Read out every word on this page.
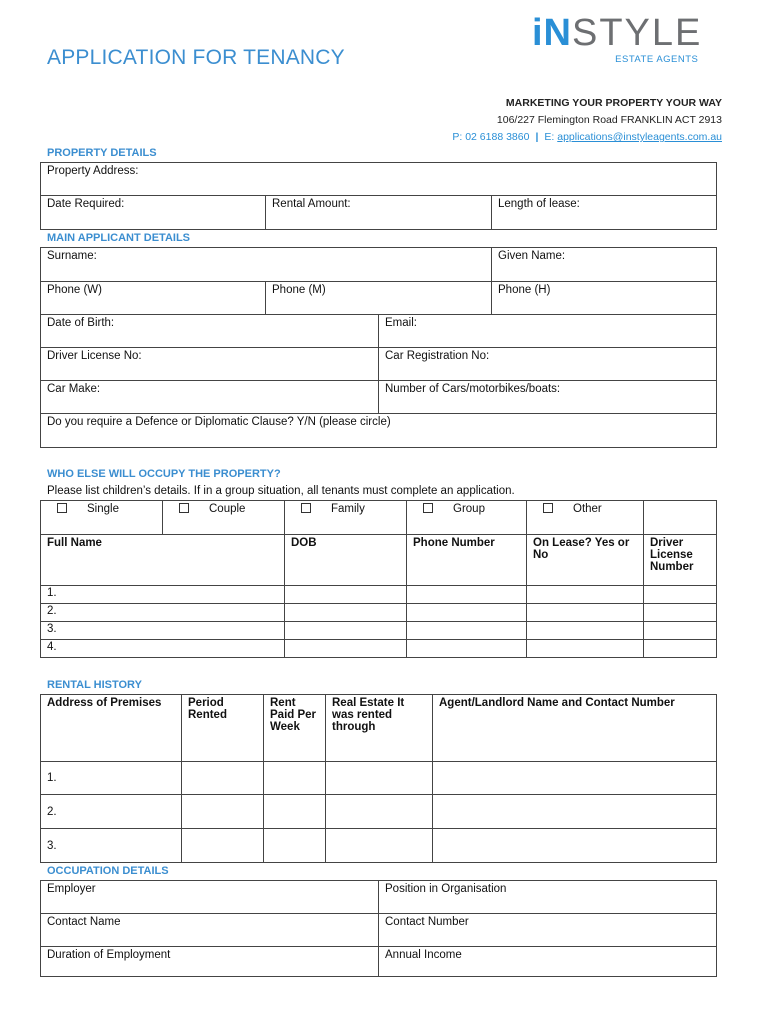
APPLICATION FOR TENANCY
iNSTYLE
ESTATE AGENTS
MARKETING YOUR PROPERTY YOUR WAY
106/227 Flemington Road FRANKLIN ACT 2913
P: 02 6188 3860 | E: applications@instyleagents.com.au
PROPERTY DETAILS
Property Address:
Date Required:	Rental Amount:	Length of lease:
MAIN APPLICANT DETAILS
Surname:			Given Name:
Phone (W)	Phone (M)		Phone (H)
Date of Birth:		Email:	
Driver License No:		Car Registration No:	
Car Make:		Number of Cars/motorbikes/boats:	
Do you require a Defence or Diplomatic Clause? Y/N (please circle)			
WHO ELSE WILL OCCUPY THE PROPERTY?
Please list children’s details. If in a group situation, all tenants must complete an application.
Single	Couple	Family	Group	Other	
Full Name	DOB	Phone Number	On Lease? Yes or No	Driver License Number
1.				
2.				
3.				
4.				
RENTAL HISTORY
Address of Premises	Period Rented	Rent Paid Per Week	Real Estate It was rented through	Agent/Landlord Name and Contact Number
1.				
2.				
3.				
OCCUPATION DETAILS
Employer	Position in Organisation
Contact Name	Contact Number
Duration of Employment	Annual Income
